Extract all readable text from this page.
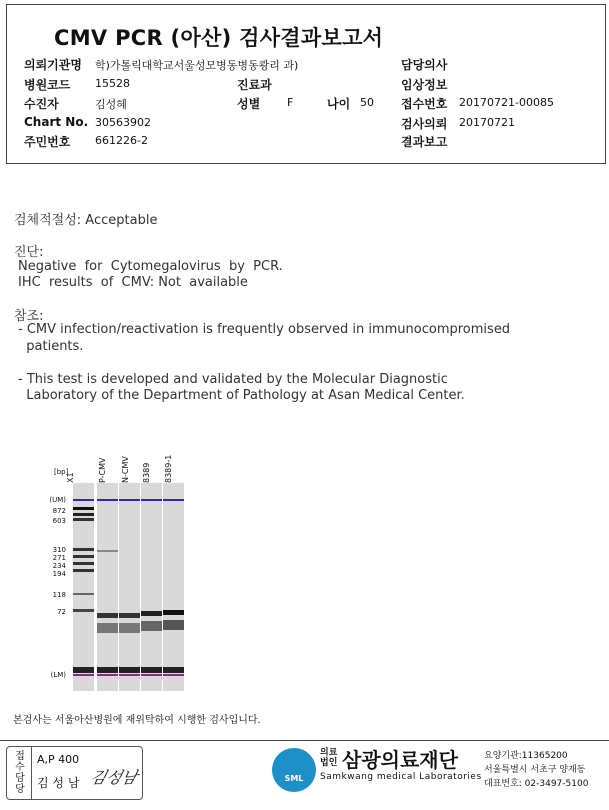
CMV PCR (아산) 검사결과보고서
의뢰기관명 학)가톨릭대학교서울성모병동병동쾅리 과)
병원코드 15528
수진자	김성혜
Chart No. 30563902
주민번호 661226-2
진료과
성별 F	나이 50
담당의사
임상정보
접수번호 20170721-00085
검사의뢰 20170721
결과보고
검체적절성: Acceptable
진단:
Negative  for  Cytomegalovirus  by  PCR.
IHC  results  of  CMV: Not  available
참조:
- CMV infection/reactivation is frequently observed in immunocompromised
patients.
- This test is developed and validated by the Molecular Diagnostic
Laboratory of the Department of Pathology at Asan Medical Center.
[bp]
X1	P-CMV N-CMV 8389 8389-1
(UM)
872
603
310
271
234
194
118
72
(LM)
본검사는 서울아산병원에 재위탁하여 시행한 검사입니다.
접수담당
A,P 400
김 성 남 김성남	SML
의료법인 삼광의료재단
Samkwang medical Laboratories
요양기관:11365200
서울특별시 서초구 양재동
대표번호: 02-3497-5100
